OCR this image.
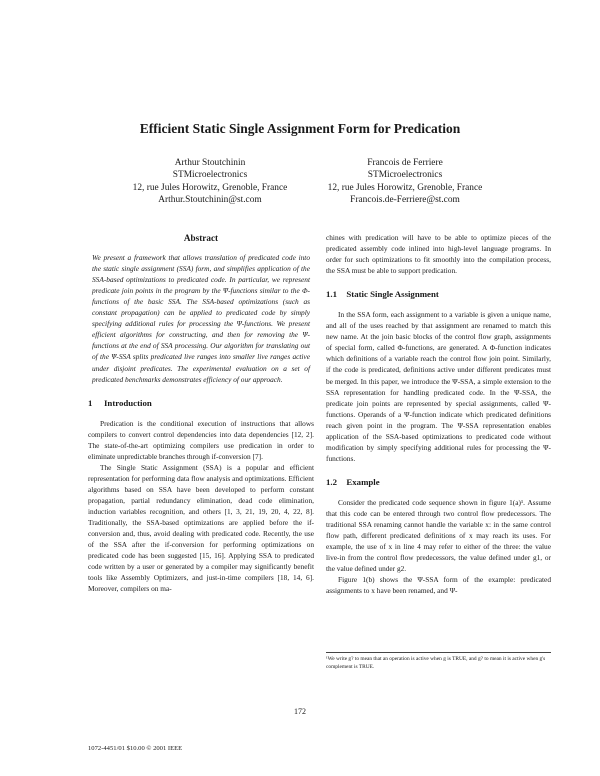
Efficient Static Single Assignment Form for Predication
Arthur Stoutchinin
STMicroelectronics
12, rue Jules Horowitz, Grenoble, France
Arthur.Stoutchinin@st.com
Francois de Ferriere
STMicroelectronics
12, rue Jules Horowitz, Grenoble, France
Francois.de-Ferriere@st.com
Abstract

We present a framework that allows translation of predicated code into the static single assignment (SSA) form, and simplifies application of the SSA-based optimizations to predicated code. In particular, we represent predicate join points in the program by the Ψ-functions similar to the Φ-functions of the basic SSA. The SSA-based optimizations (such as constant propagation) can be applied to predicated code by simply specifying additional rules for processing the Ψ-functions. We present efficient algorithms for constructing, and then for removing the Ψ-functions at the end of SSA processing. Our algorithm for translating out of the Ψ-SSA splits predicated live ranges into smaller live ranges active under disjoint predicates. The experimental evaluation on a set of predicated benchmarks demonstrates efficiency of our approach.

1 Introduction

Predication is the conditional execution of instructions that allows compilers to convert control dependencies into data dependencies [12, 2]. The state-of-the-art optimizing compilers use predication in order to eliminate unpredictable branches through if-conversion [7].

The Single Static Assignment (SSA) is a popular and efficient representation for performing data flow analysis and optimizations. Efficient algorithms based on SSA have been developed to perform constant propagation, partial redundancy elimination, dead code elimination, induction variables recognition, and others [1, 3, 21, 19, 20, 4, 22, 8]. Traditionally, the SSA-based optimizations are applied before the if-conversion and, thus, avoid dealing with predicated code. Recently, the use of the SSA after the if-conversion for performing optimizations on predicated code has been suggested [15, 16]. Applying SSA to predicated code written by a user or generated by a compiler may significantly benefit tools like Assembly Optimizers, and just-in-time compilers [18, 14, 6]. Moreover, compilers on ma-

chines with predication will have to be able to optimize pieces of the predicated assembly code inlined into high-level language programs. In order for such optimizations to fit smoothly into the compilation process, the SSA must be able to support predication.

1.1 Static Single Assignment

In the SSA form, each assignment to a variable is given a unique name, and all of the uses reached by that assignment are renamed to match this new name. At the join basic blocks of the control flow graph, assignments of special form, called Φ-functions, are generated. A Φ-function indicates which definitions of a variable reach the control flow join point. Similarly, if the code is predicated, definitions active under different predicates must be merged. In this paper, we introduce the Ψ-SSA, a simple extension to the SSA representation for handling predicated code. In the Ψ-SSA, the predicate join points are represented by special assignments, called Ψ-functions. Operands of a Ψ-function indicate which predicated definitions reach given point in the program. The Ψ-SSA representation enables application of the SSA-based optimizations to predicated code without modification by simply specifying additional rules for processing the Ψ-functions.

1.2 Example

Consider the predicated code sequence shown in figure 1(a)¹. Assume that this code can be entered through two control flow predecessors. The traditional SSA renaming cannot handle the variable x: in the same control flow path, different predicated definitions of x may reach its uses. For example, the use of x in line 4 may refer to either of the three: the value live-in from the control flow predecessors, the value defined under g1, or the value defined under g2.

Figure 1(b) shows the Ψ-SSA form of the example: predicated assignments to x have been renamed, and Ψ-

¹We write g? to mean that an operation is active when g is TRUE, and g? to mean it is active when g's complement is TRUE.
172
1072-4451/01 $10.00 © 2001 IEEE
